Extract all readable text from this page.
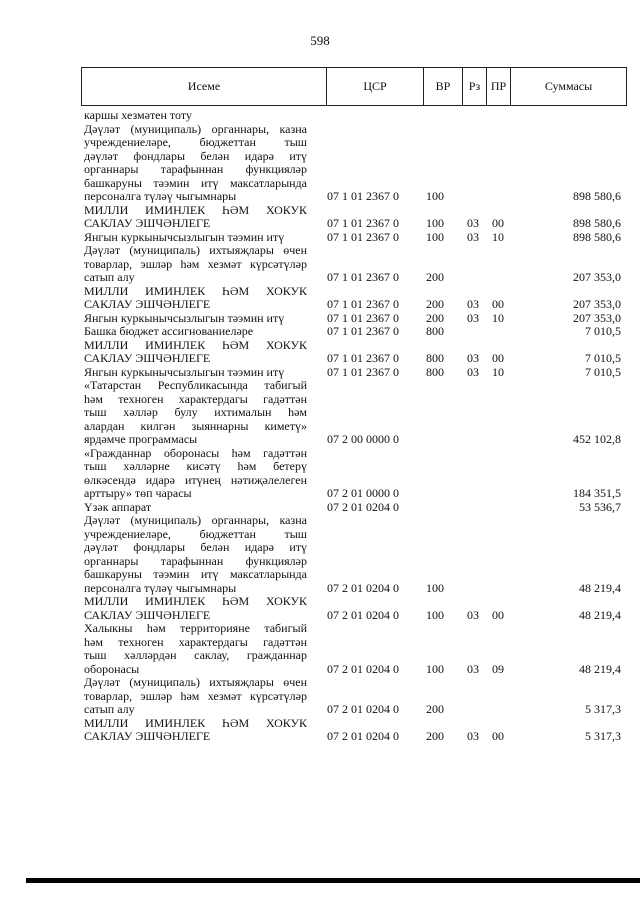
598
Исеме	ЦСР	ВР	Рз ПР	Суммасы
каршы хезмәтен тоту
Дәүләт (муниципаль) органнары, казна
учреждениеләре, бюджеттан тыш
дәүләт фондлары белән идарә итү
органнары тарафыннан функцияләр
башкаруны тәэмин итү максатларында
персоналга түләү чыгымнары	07 1 01 2367 0 100	898 580,6
МИЛЛИ ИМИНЛЕК ҺӘМ ХОКУК
САКЛАУ ЭШЧӘНЛЕГЕ	07 1 01 2367 0 100 03 00	898 580,6
Янгын куркынычсызлыгын тәэмин итү	07 1 01 2367 0 100 03 10	898 580,6
Дәүләт (муниципаль) ихтыяҗлары өчен
товарлар, эшләр һәм хезмәт күрсәтүләр
сатып алу	07 1 01 2367 0 200	207 353,0
МИЛЛИ ИМИНЛЕК ҺӘМ ХОКУК
САКЛАУ ЭШЧӘНЛЕГЕ	07 1 01 2367 0 200 03 00	207 353,0
Янгын куркынычсызлыгын тәэмин итү	07 1 01 2367 0 200 03 10	207 353,0
Башка бюджет ассигнованиеләре	07 1 01 2367 0 800	7 010,5
МИЛЛИ ИМИНЛЕК ҺӘМ ХОКУК
САКЛАУ ЭШЧӘНЛЕГЕ	07 1 01 2367 0 800 03 00	7 010,5
Янгын куркынычсызлыгын тәэмин итү	07 1 01 2367 0 800 03 10	7 010,5
«Татарстан Республикасында табигый
һәм техноген характердагы гадәттән
тыш хәлләр булу ихтималын һәм
алардан килгән зыяннарны киметү»
ярдәмче программасы	07 2 00 0000 0	452 102,8
«Гражданнар оборонасы һәм гадәттән
тыш хәлләрне кисәтү һәм бетерү
өлкәсендә идарә итүнең нәтиҗәлелеген
арттыру» төп чарасы	07 2 01 0000 0	184 351,5
Үзәк аппарат	07 2 01 0204 0	53 536,7
Дәүләт (муниципаль) органнары, казна
учреждениеләре, бюджеттан тыш
дәүләт фондлары белән идарә итү
органнары тарафыннан функцияләр
башкаруны тәэмин итү максатларында
персоналга түләү чыгымнары	07 2 01 0204 0 100	48 219,4
МИЛЛИ ИМИНЛЕК ҺӘМ ХОКУК
САКЛАУ ЭШЧӘНЛЕГЕ	07 2 01 0204 0 100 03 00	48 219,4
Халыкны һәм территорияне табигый
һәм техноген характердагы гадәттән
тыш хәлләрдән саклау, гражданнар
оборонасы	07 2 01 0204 0 100 03 09	48 219,4
Дәүләт (муниципаль) ихтыяҗлары өчен
товарлар, эшләр һәм хезмәт күрсәтүләр
сатып алу	07 2 01 0204 0 200	5 317,3
МИЛЛИ ИМИНЛЕК ҺӘМ ХОКУК
САКЛАУ ЭШЧӘНЛЕГЕ	07 2 01 0204 0 200 03 00	5 317,3
